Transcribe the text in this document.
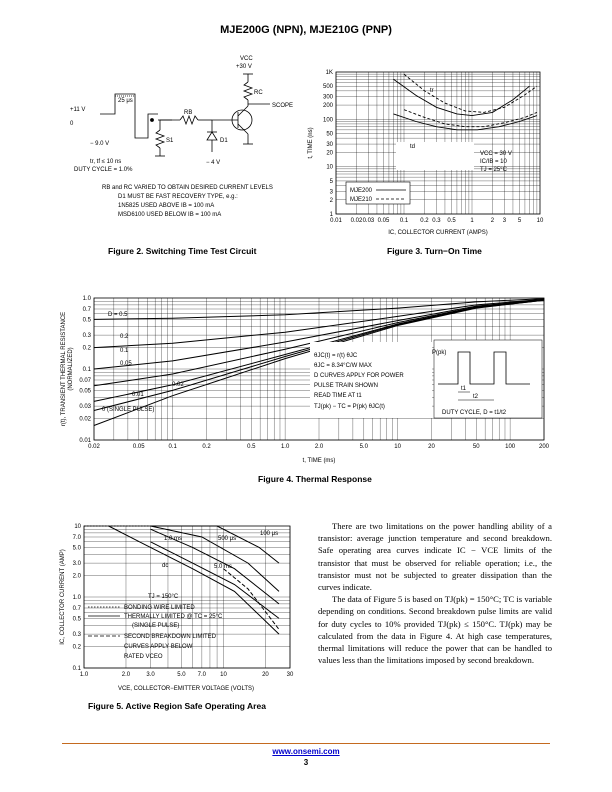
MJE200G (NPN), MJE210G (PNP)
+11 V
0
− 9.0 V
25 μs
RB
S1	D1
− 4 V
VCC
+30 V
RC
SCOPE
tr, tf ≤ 10 ns
DUTY CYCLE = 1.0%
RB and RC VARIED TO OBTAIN DESIRED CURRENT LEVELS
D1 MUST BE FAST RECOVERY TYPE, e.g.:
1N5825 USED ABOVE IB = 100 mA
MSD6100 USED BELOW IB = 100 mA
Figure 2. Switching Time Test Circuit
MJE200
MJE210
VCC = 30 V
IC/IB = 10
TJ = 25°C
tr
td
1K
500
300
200
100
50
30
20
10
5
3
2
1
0.01 0.02 0.03 0.05 0.1 0.2 0.3 0.5 1	2 3 5	10
IC, COLLECTOR CURRENT (AMPS)
t, TIME (ns)
Figure 3. Turn−On Time
P(pk)
t1
t2
DUTY CYCLE, D = t1/t2
θJC(t) = r(t) θJC
θJC = 8.34°C/W MAX
D CURVES APPLY FOR POWER
PULSE TRAIN SHOWN
READ TIME AT t1
TJ(pk) − TC = P(pk) θJC(t)
D = 0.5
0.2
0.1
0.05
0.01
0.02
0 (SINGLE PULSE)
1.0
0.7
0.5
0.3
0.2
0.1
0.07
0.05
0.03
0.02
0.01
0.02	0.05	0.1	0.2	0.5	1.0	2.0	5.0	10	20	50	100	200
t, TIME (ms)
r(t), TRANSIENT THERMAL RESISTANCE (NORMALIZED)
Figure 4. Thermal Response
1.0 ms	500 μs
100 μs
dc	5.0 ms
TJ = 150°C
BONDING WIRE LIMITED
THERMALLY LIMITED @ TC = 25°C
(SINGLE PULSE)
SECOND BREAKDOWN LIMITED
CURVES APPLY BELOW
RATED VCEO
10
7.0
5.0
3.0
2.0
1.0
0.7
0.5
0.3
0.2
0.1
1.0	2.0	3.0	5.0 7.0 10	20	30
VCE, COLLECTOR−EMITTER VOLTAGE (VOLTS)
IC, COLLECTOR CURRENT (AMP)
Figure 5. Active Region Safe Operating Area

There are two limitations on the power handling ability of a transistor: average junction temperature and second breakdown. Safe operating area curves indicate IC − VCE limits of the transistor that must be observed for reliable operation; i.e., the transistor must not be subjected to greater dissipation than the curves indicate.

The data of Figure 5 is based on TJ(pk) = 150°C; TC is variable depending on conditions. Second breakdown pulse limits are valid for duty cycles to 10% provided TJ(pk) ≤ 150°C. TJ(pk) may be calculated from the data in Figure 4. At high case temperatures, thermal limitations will reduce the power that can be handled to values less than the limitations imposed by second breakdown.

www.onsemi.com
3
